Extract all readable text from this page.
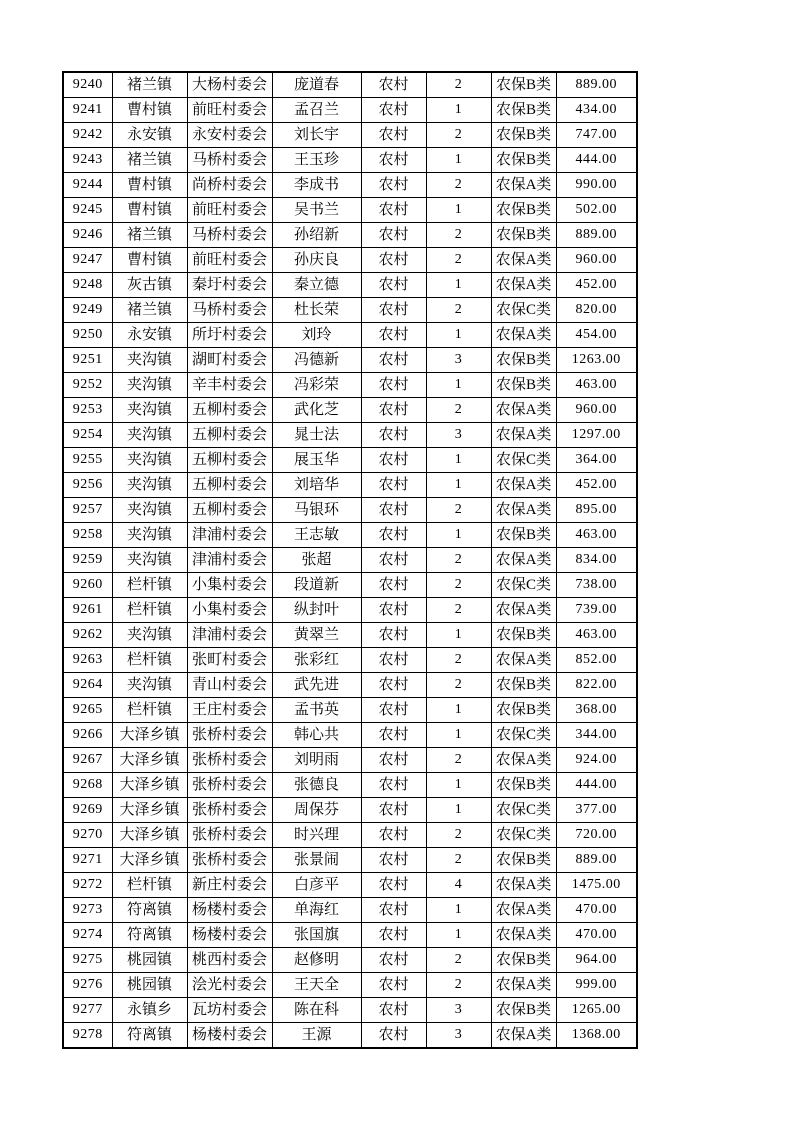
9240	褚兰镇	大杨村委会	庞道春	农村	2	农保B类	889.00
9241	曹村镇	前旺村委会	孟召兰	农村	1	农保B类	434.00
9242	永安镇	永安村委会	刘长宇	农村	2	农保B类	747.00
9243	褚兰镇	马桥村委会	王玉珍	农村	1	农保B类	444.00
9244	曹村镇	尚桥村委会	李成书	农村	2	农保A类	990.00
9245	曹村镇	前旺村委会	吴书兰	农村	1	农保B类	502.00
9246	褚兰镇	马桥村委会	孙绍新	农村	2	农保B类	889.00
9247	曹村镇	前旺村委会	孙庆良	农村	2	农保A类	960.00
9248	灰古镇	秦圩村委会	秦立德	农村	1	农保A类	452.00
9249	褚兰镇	马桥村委会	杜长荣	农村	2	农保C类	820.00
9250	永安镇	所圩村委会	刘玲	农村	1	农保A类	454.00
9251	夹沟镇	湖町村委会	冯德新	农村	3	农保B类	1263.00
9252	夹沟镇	辛丰村委会	冯彩荣	农村	1	农保B类	463.00
9253	夹沟镇	五柳村委会	武化芝	农村	2	农保A类	960.00
9254	夹沟镇	五柳村委会	晁士法	农村	3	农保A类	1297.00
9255	夹沟镇	五柳村委会	展玉华	农村	1	农保C类	364.00
9256	夹沟镇	五柳村委会	刘培华	农村	1	农保A类	452.00
9257	夹沟镇	五柳村委会	马银环	农村	2	农保A类	895.00
9258	夹沟镇	津浦村委会	王志敏	农村	1	农保B类	463.00
9259	夹沟镇	津浦村委会	张超	农村	2	农保A类	834.00
9260	栏杆镇	小集村委会	段道新	农村	2	农保C类	738.00
9261	栏杆镇	小集村委会	纵封叶	农村	2	农保A类	739.00
9262	夹沟镇	津浦村委会	黄翠兰	农村	1	农保B类	463.00
9263	栏杆镇	张町村委会	张彩红	农村	2	农保A类	852.00
9264	夹沟镇	青山村委会	武先进	农村	2	农保B类	822.00
9265	栏杆镇	王庄村委会	孟书英	农村	1	农保B类	368.00
9266	大泽乡镇	张桥村委会	韩心共	农村	1	农保C类	344.00
9267	大泽乡镇	张桥村委会	刘明雨	农村	2	农保A类	924.00
9268	大泽乡镇	张桥村委会	张德良	农村	1	农保B类	444.00
9269	大泽乡镇	张桥村委会	周保芬	农村	1	农保C类	377.00
9270	大泽乡镇	张桥村委会	时兴理	农村	2	农保C类	720.00
9271	大泽乡镇	张桥村委会	张景闹	农村	2	农保B类	889.00
9272	栏杆镇	新庄村委会	白彦平	农村	4	农保A类	1475.00
9273	符离镇	杨楼村委会	单海红	农村	1	农保A类	470.00
9274	符离镇	杨楼村委会	张国旗	农村	1	农保A类	470.00
9275	桃园镇	桃西村委会	赵修明	农村	2	农保B类	964.00
9276	桃园镇	浍光村委会	王天全	农村	2	农保A类	999.00
9277	永镇乡	瓦坊村委会	陈在科	农村	3	农保B类	1265.00
9278	符离镇	杨楼村委会	王源	农村	3	农保A类	1368.00
